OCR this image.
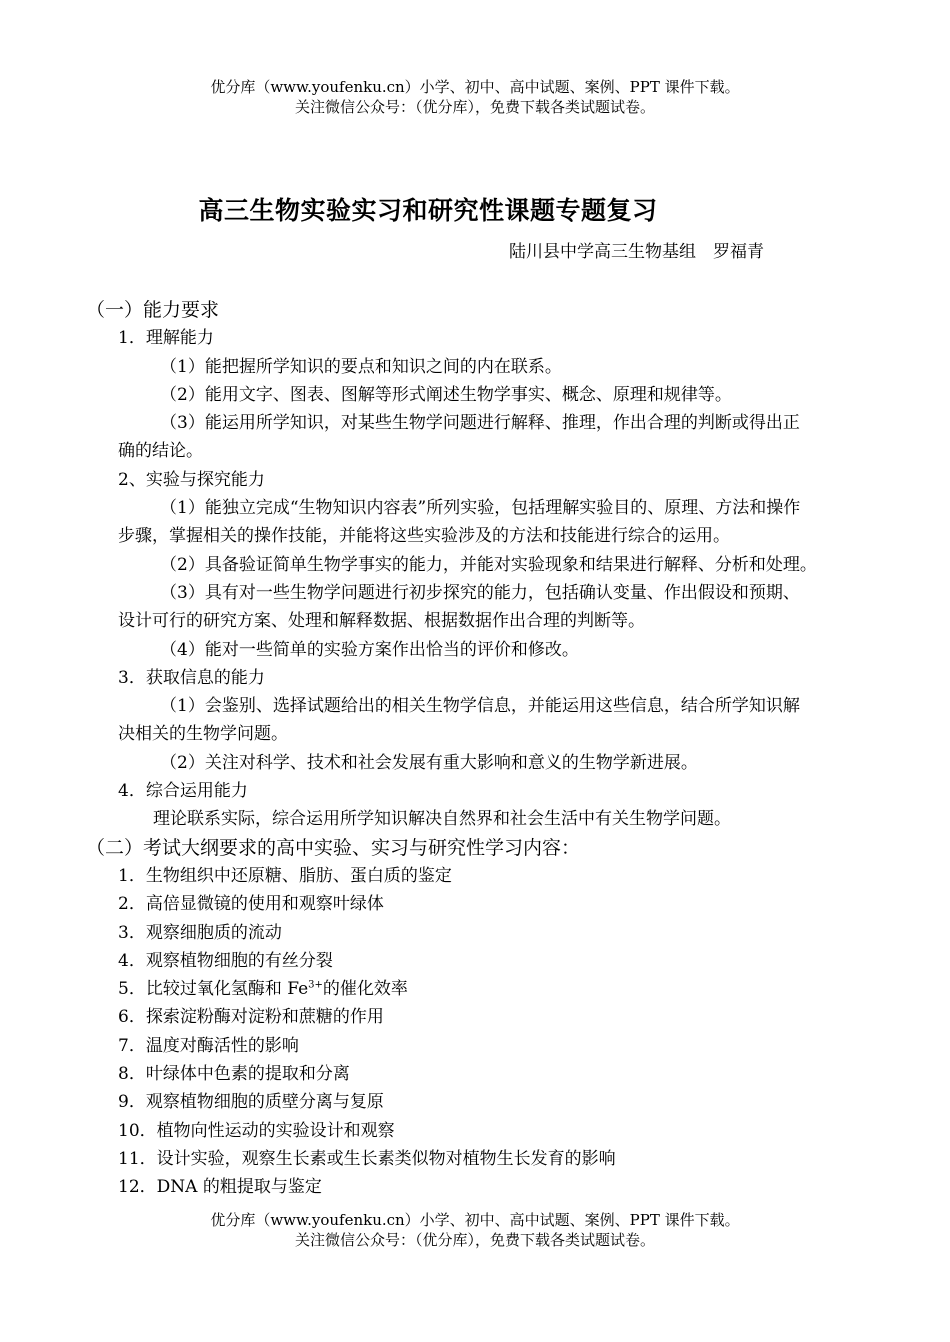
优分库（www.youfenku.cn）小学、初中、高中试题、案例、PPT 课件下载。
关注微信公众号：（优分库），免费下载各类试题试卷。
高三生物实验实习和研究性课题专题复习
陆川县中学高三生物基组　罗福青
（一）能力要求
1．理解能力
（1）能把握所学知识的要点和知识之间的内在联系。
（2）能用文字、图表、图解等形式阐述生物学事实、概念、原理和规律等。
（3）能运用所学知识，对某些生物学问题进行解释、推理，作出合理的判断或得出正
确的结论。
2、实验与探究能力
（1）能独立完成“生物知识内容表”所列实验，包括理解实验目的、原理、方法和操作
步骤，掌握相关的操作技能，并能将这些实验涉及的方法和技能进行综合的运用。
（2）具备验证简单生物学事实的能力，并能对实验现象和结果进行解释、分析和处理。
（3）具有对一些生物学问题进行初步探究的能力，包括确认变量、作出假设和预期、
设计可行的研究方案、处理和解释数据、根据数据作出合理的判断等。
（4）能对一些简单的实验方案作出恰当的评价和修改。
3．获取信息的能力
（1）会鉴别、选择试题给出的相关生物学信息，并能运用这些信息，结合所学知识解
决相关的生物学问题。
（2）关注对科学、技术和社会发展有重大影响和意义的生物学新进展。
4．综合运用能力
理论联系实际，综合运用所学知识解决自然界和社会生活中有关生物学问题。
（二）考试大纲要求的高中实验、实习与研究性学习内容：
1．生物组织中还原糖、脂肪、蛋白质的鉴定
2．高倍显微镜的使用和观察叶绿体
3．观察细胞质的流动
4．观察植物细胞的有丝分裂
5．比较过氧化氢酶和 $Fe^{3+}$的催化效率
6．探索淀粉酶对淀粉和蔗糖的作用
7．温度对酶活性的影响
8．叶绿体中色素的提取和分离
9．观察植物细胞的质壁分离与复原
10．植物向性运动的实验设计和观察
11．设计实验，观察生长素或生长素类似物对植物生长发育的影响
12．DNA 的粗提取与鉴定
优分库（www.youfenku.cn）小学、初中、高中试题、案例、PPT 课件下载。
关注微信公众号：（优分库），免费下载各类试题试卷。
